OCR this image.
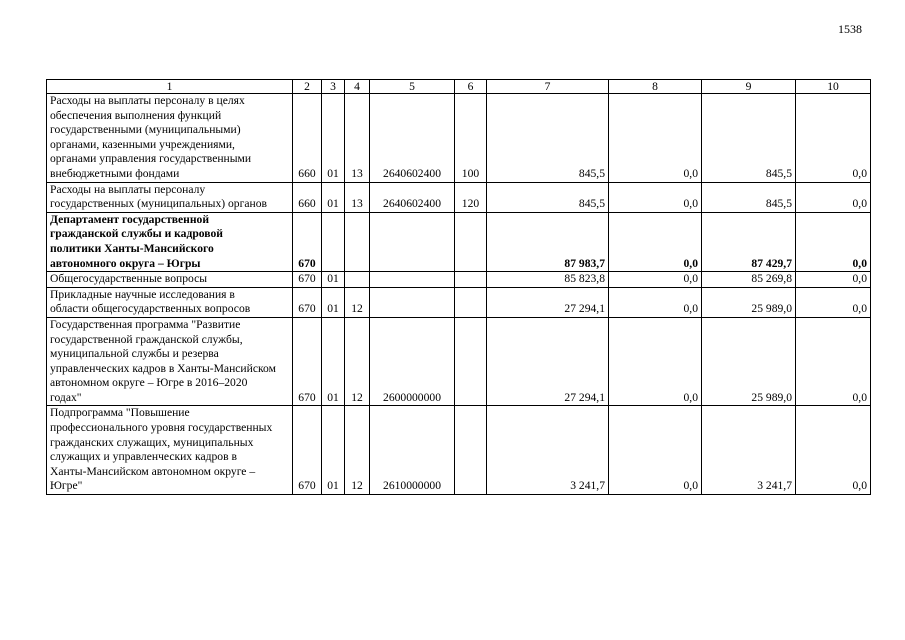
1538
1	2	3	4	5	6	7	8	9	10

Расходы на выплаты персоналу в целях обеспечения выполнения функций государственными (муниципальными) органами, казенными учреждениями, органами управления государственными внебюджетными фондами	660	01	13	2640602400	100	845,5	0,0	845,5	0,0

Расходы на выплаты персоналу государственных (муниципальных) органов	660	01	13	2640602400	120	845,5	0,0	845,5	0,0

Департамент государственной гражданской службы и кадровой политики Ханты-Мансийского автономного округа – Югры	670					87 983,7	0,0	87 429,7	0,0

Общегосударственные вопросы	670	01				85 823,8	0,0	85 269,8	0,0

Прикладные научные исследования в области общегосударственных вопросов	670	01	12			27 294,1	0,0	25 989,0	0,0

Государственная программа "Развитие государственной гражданской службы, муниципальной службы и резерва управленческих кадров в Ханты-Мансийском автономном округе – Югре в 2016–2020 годах"	670	01	12	2600000000		27 294,1	0,0	25 989,0	0,0

Подпрограмма "Повышение профессионального уровня государственных гражданских служащих, муниципальных служащих и управленческих кадров в Ханты-Мансийском автономном округе – Югре"	670	01	12	2610000000		3 241,7	0,0	3 241,7	0,0
